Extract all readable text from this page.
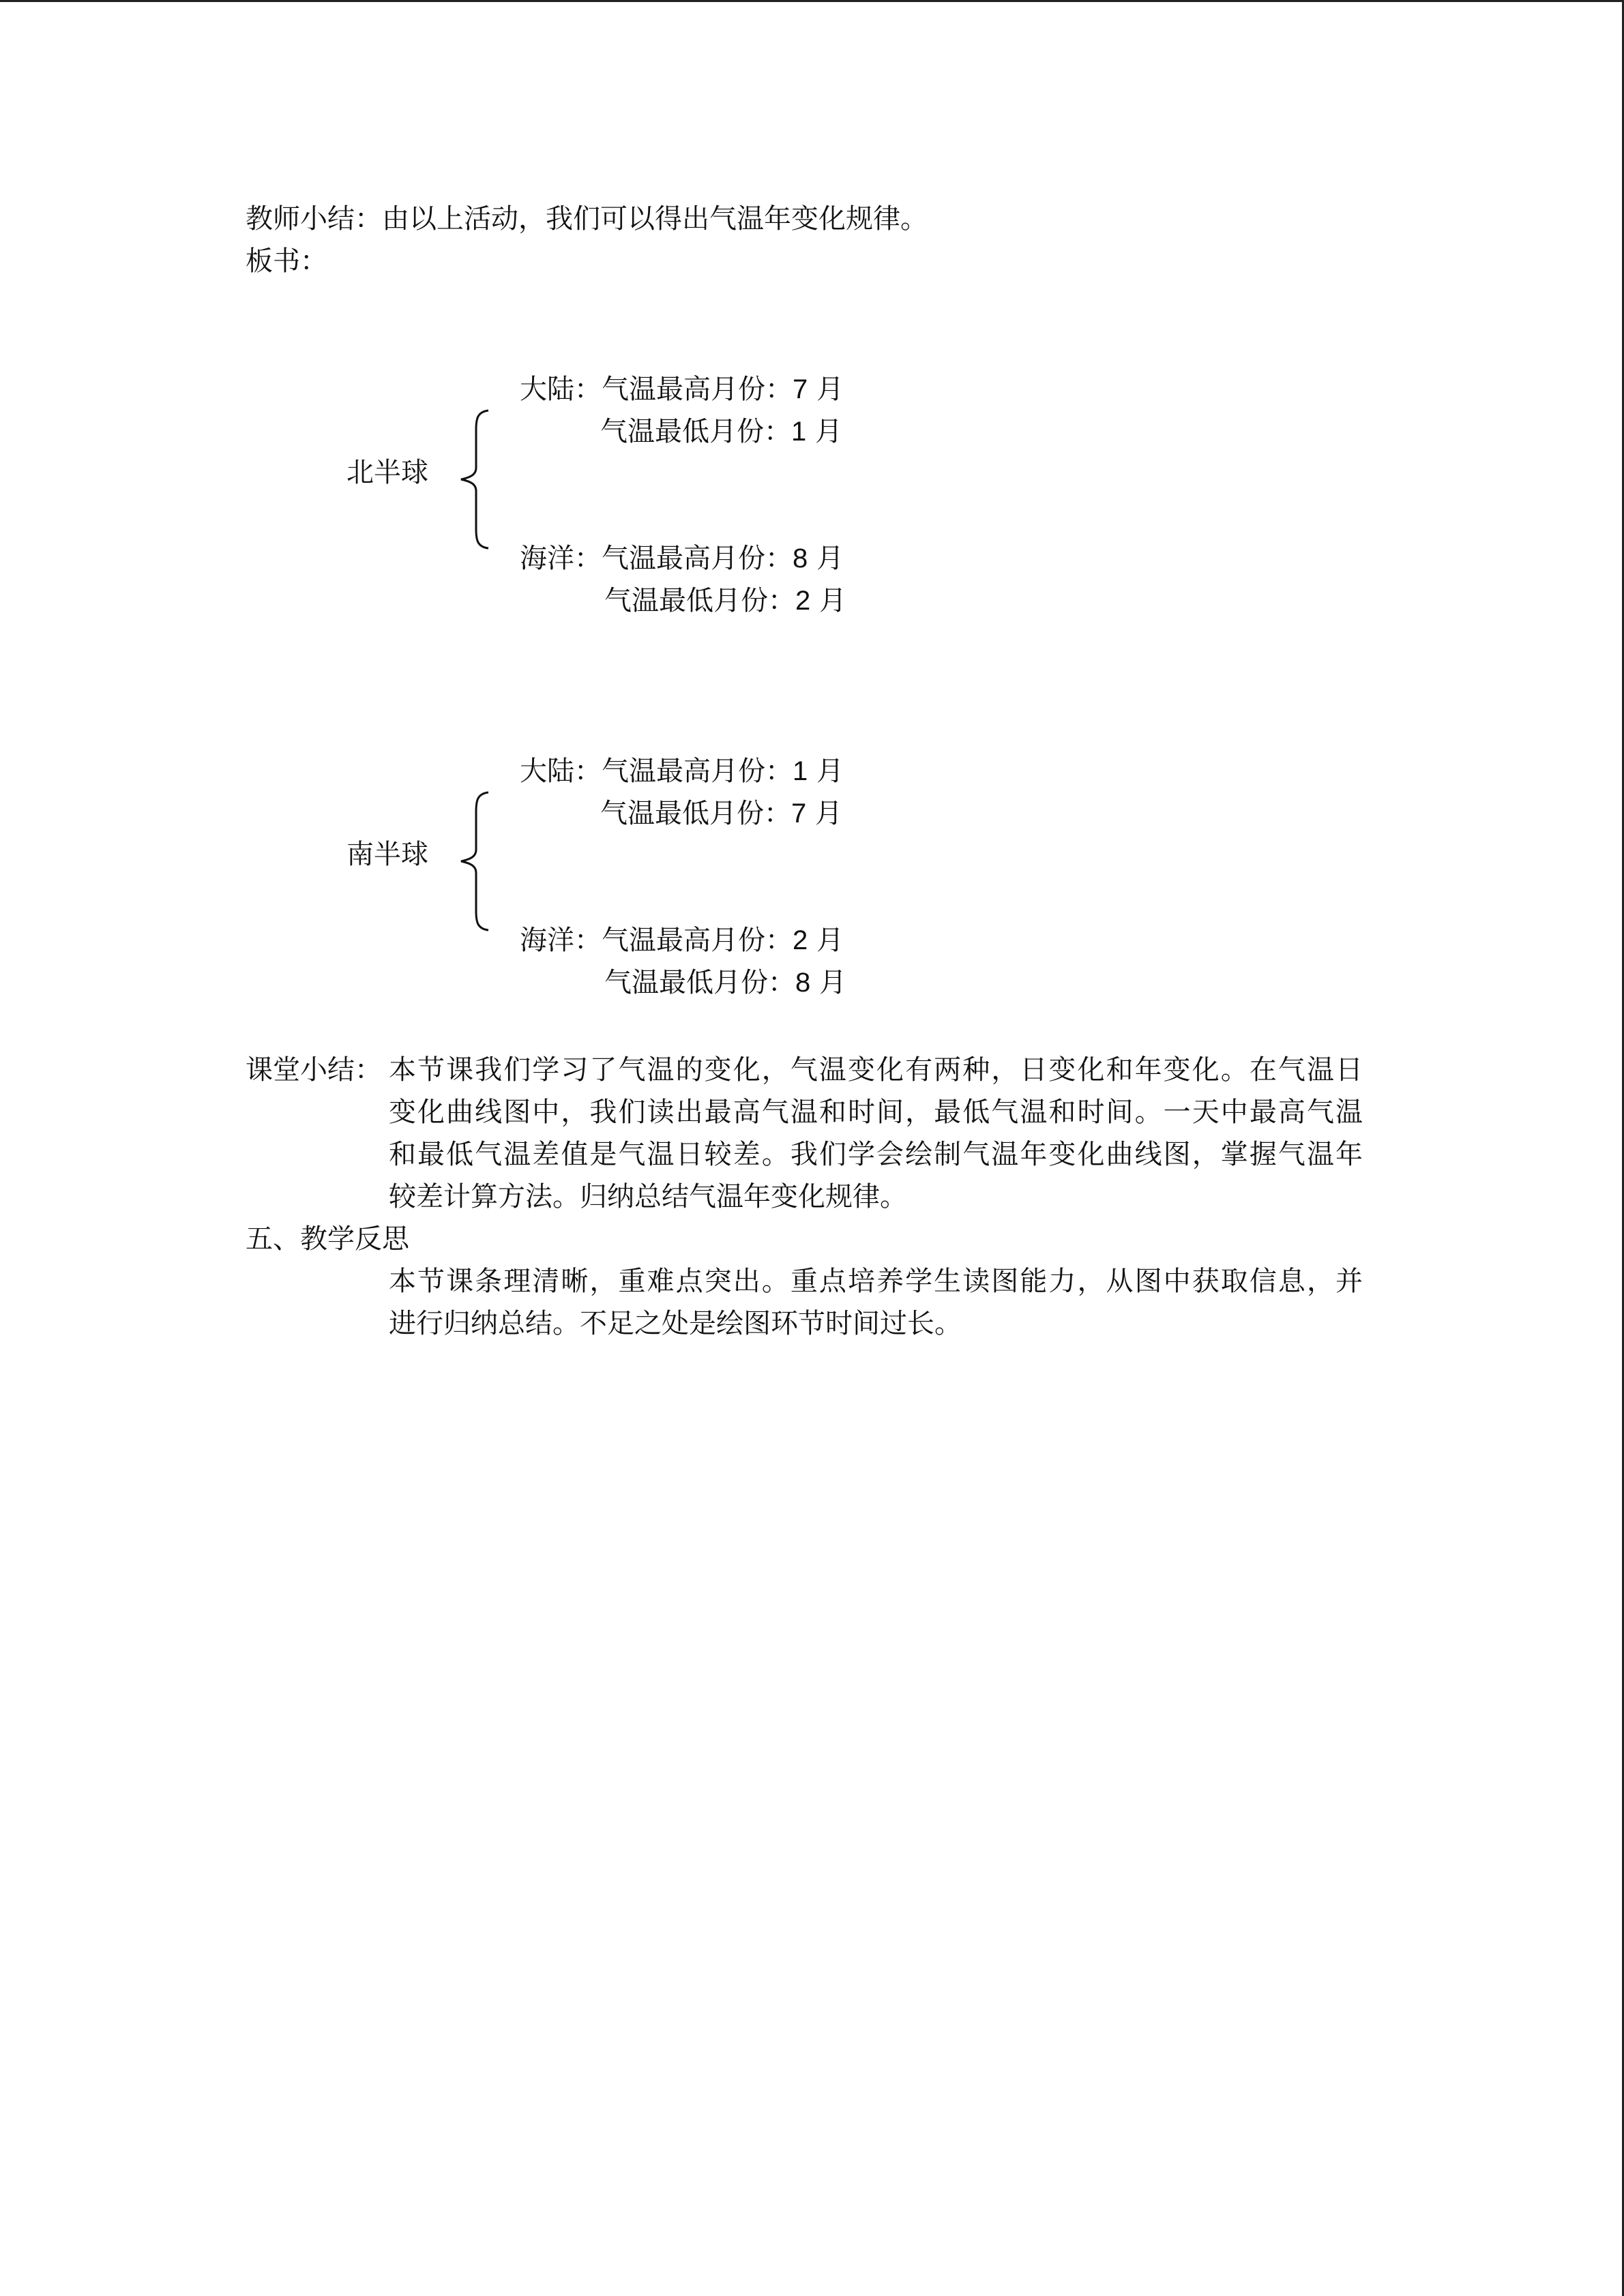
教师小结：由以上活动，我们可以得出气温年变化规律。
板书：
北半球
大陆：气温最高月份：7 月
气温最低月份：1 月
海洋：气温最高月份：8 月
气温最低月份：2 月
南半球
大陆：气温最高月份：1 月
气温最低月份：7 月
海洋：气温最高月份：2 月
气温最低月份：8 月
课堂小结： 本节课我们学习了气温的变化，气温变化有两种，日变化和年变化。在气温日
变化曲线图中，我们读出最高气温和时间，最低气温和时间。一天中最高气温
和最低气温差值是气温日较差。我们学会绘制气温年变化曲线图，掌握气温年
较差计算方法。归纳总结气温年变化规律。
五、教学反思
本节课条理清晰，重难点突出。重点培养学生读图能力，从图中获取信息，并
进行归纳总结。不足之处是绘图环节时间过长。
